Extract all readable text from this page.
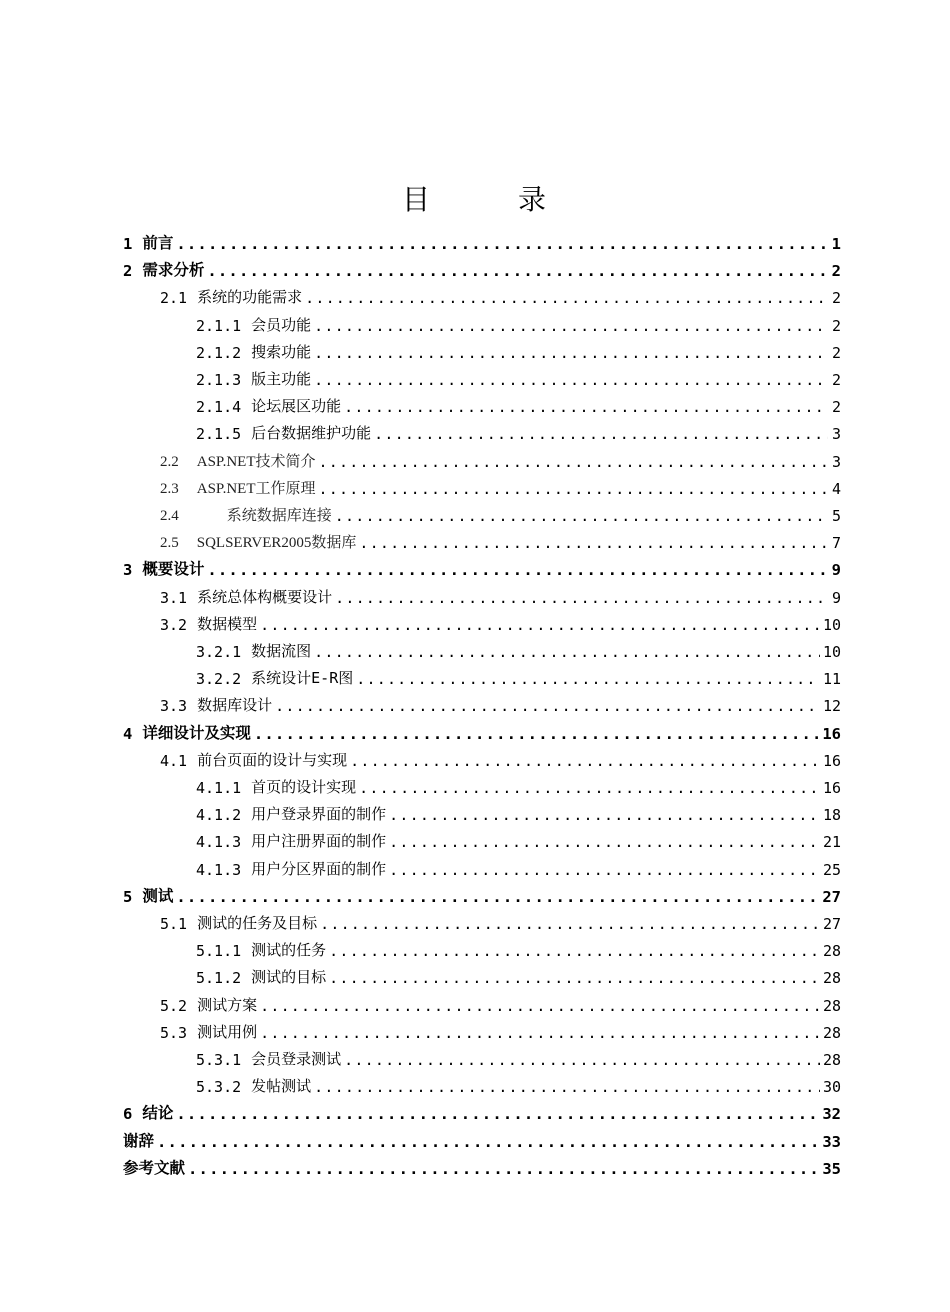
目　录
1 前言 .....	1
2 需求分析 .....	2
2.1 系统的功能需求 .....	2
2.1.1 会员功能 .....	2
2.1.2 搜索功能 .....	2
2.1.3 版主功能 .....	2
2.1.4 论坛展区功能 .....	2
2.1.5 后台数据维护功能 .....	3
2.2	ASP.NET技术简介 .....	3
2.3	ASP.NET工作原理 .....	4
2.4	　　系统数据库连接 .....	5
2.5	SQLSERVER2005数据库 .....	7
3 概要设计 .....	9
3.1 系统总体构概要设计 .....	9
3.2 数据模型 .....	10
3.2.1 数据流图 .....	10
3.2.2 系统设计E-R图 .....	11
3.3 数据库设计 .....	12
4 详细设计及实现 .....	16
4.1 前台页面的设计与实现 .....	16
4.1.1 首页的设计实现 .....	16
4.1.2 用户登录界面的制作 .....	18
4.1.3 用户注册界面的制作 .....	21
4.1.3 用户分区界面的制作 .....	25
5 测试 .....	27
5.1 测试的任务及目标 .....	27
5.1.1 测试的任务 .....	28
5.1.2 测试的目标 .....	28
5.2 测试方案 .....	28
5.3 测试用例 .....	28
5.3.1 会员登录测试 .....	28
5.3.2 发帖测试 .....	30
6 结论 .....	32
谢辞 .....	33
参考文献 .....	35
